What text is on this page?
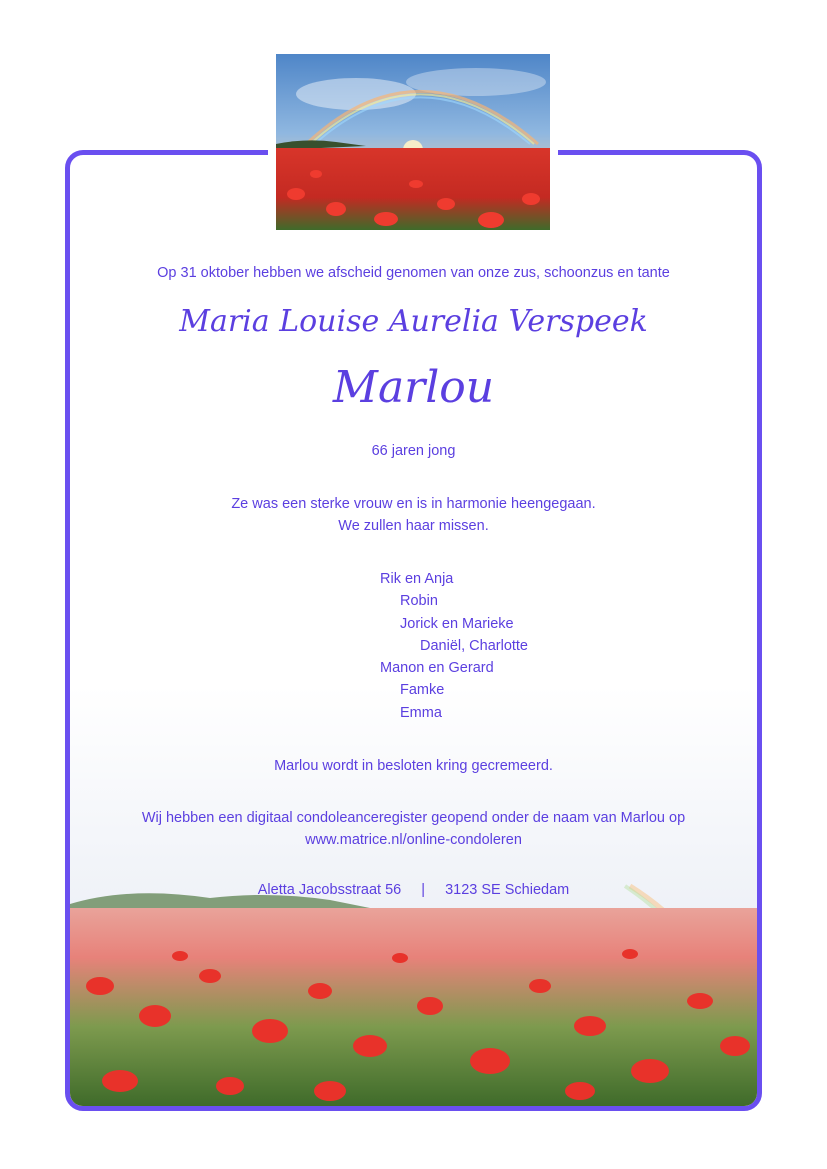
Op 31 oktober hebben we afscheid genomen van onze zus, schoonzus en tante
Maria Louise Aurelia Verspeek
Marlou
66 jaren jong
Ze was een sterke vrouw en is in harmonie heengegaan.
We zullen haar missen.
Rik en Anja
Robin
Jorick en Marieke
Daniël, Charlotte
Manon en Gerard
Famke
Emma
Marlou wordt in besloten kring gecremeerd.
Wij hebben een digitaal condoleanceregister geopend onder de naam van Marlou op
www.matrice.nl/online-condoleren
Aletta Jacobsstraat 56 | 3123 SE Schiedam
